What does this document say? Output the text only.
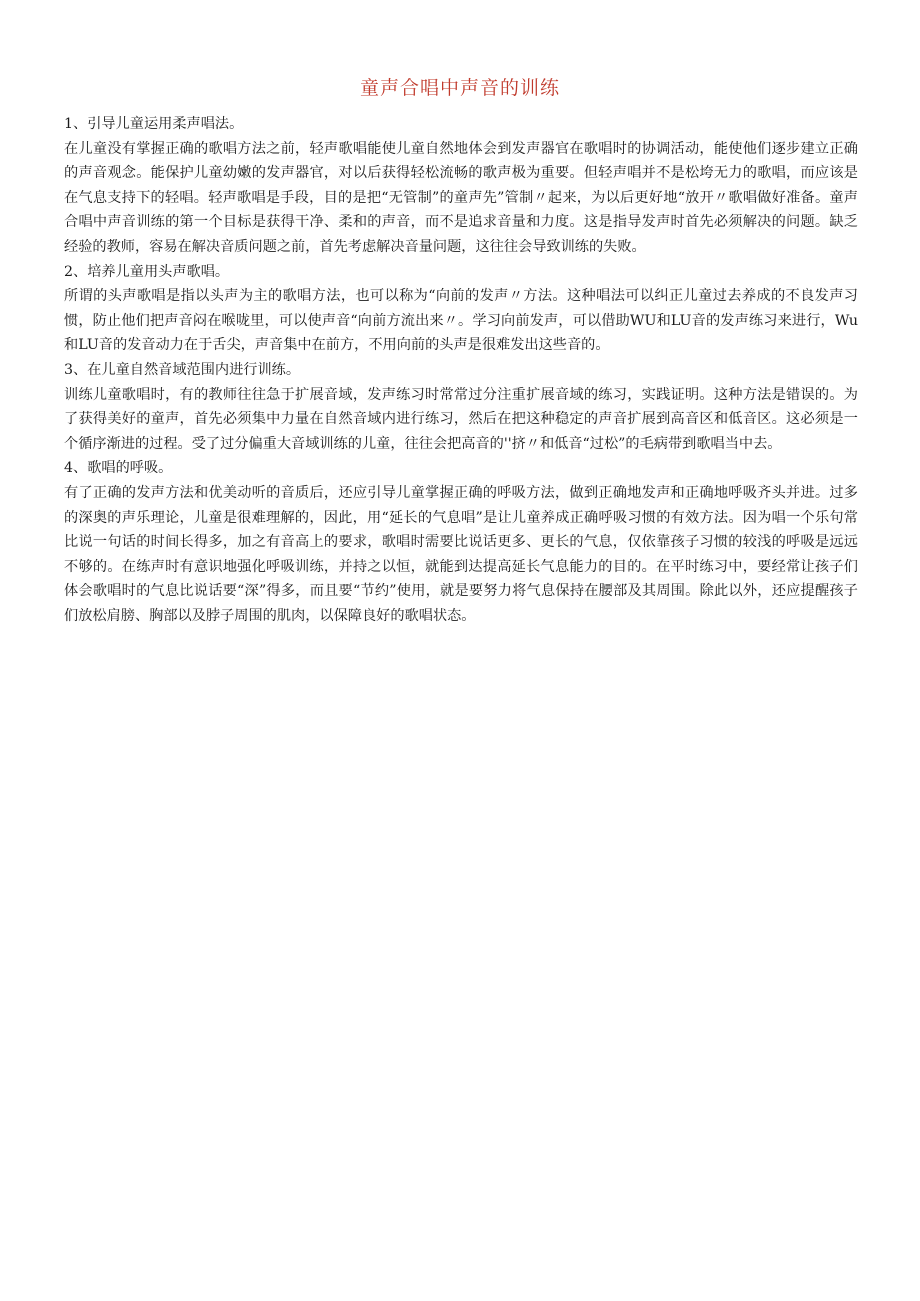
童声合唱中声音的训练

1、引导儿童运用柔声唱法。

在儿童没有掌握正确的歌唱方法之前，轻声歌唱能使儿童自然地体会到发声器官在歌唱时的协调活动，能使他们逐步建立正确的声音观念。能保护儿童幼嫩的发声器官，对以后获得轻松流畅的歌声极为重要。但轻声唱并不是松垮无力的歌唱，而应该是在气息支持下的轻唱。轻声歌唱是手段，目的是把“无管制”的童声先”管制〃起来，为以后更好地“放开〃歌唱做好准备。童声合唱中声音训练的第一个目标是获得干净、柔和的声音，而不是追求音量和力度。这是指导发声时首先必须解决的问题。缺乏经验的教师，容易在解决音质问题之前，首先考虑解决音量问题，这往往会导致训练的失败。

2、培养儿童用头声歌唱。

所谓的头声歌唱是指以头声为主的歌唱方法，也可以称为“向前的发声〃方法。这种唱法可以纠正儿童过去养成的不良发声习惯，防止他们把声音闷在喉咙里，可以使声音“向前方流出来〃。学习向前发声，可以借助WU和LU音的发声练习来进行，Wu和LU音的发音动力在于舌尖，声音集中在前方，不用向前的头声是很难发出这些音的。

3、在儿童自然音域范围内进行训练。

训练儿童歌唱时，有的教师往往急于扩展音域，发声练习时常常过分注重扩展音域的练习，实践证明。这种方法是错误的。为了获得美好的童声，首先必须集中力量在自然音域内进行练习，然后在把这种稳定的声音扩展到高音区和低音区。这必须是一个循序渐进的过程。受了过分偏重大音域训练的儿童，往往会把高音的''挤〃和低音“过松”的毛病带到歌唱当中去。

4、歌唱的呼吸。

有了正确的发声方法和优美动听的音质后，还应引导儿童掌握正确的呼吸方法，做到正确地发声和正确地呼吸齐头并进。过多的深奥的声乐理论，儿童是很难理解的，因此，用“延长的气息唱”是让儿童养成正确呼吸习惯的有效方法。因为唱一个乐句常比说一句话的时间长得多，加之有音高上的要求，歌唱时需要比说话更多、更长的气息，仅依靠孩子习惯的较浅的呼吸是远远不够的。在练声时有意识地强化呼吸训练，并持之以恒，就能到达提高延长气息能力的目的。在平时练习中，要经常让孩子们体会歌唱时的气息比说话要“深”得多，而且要“节约”使用，就是要努力将气息保持在腰部及其周围。除此以外，还应提醒孩子们放松肩膀、胸部以及脖子周围的肌肉，以保障良好的歌唱状态。
